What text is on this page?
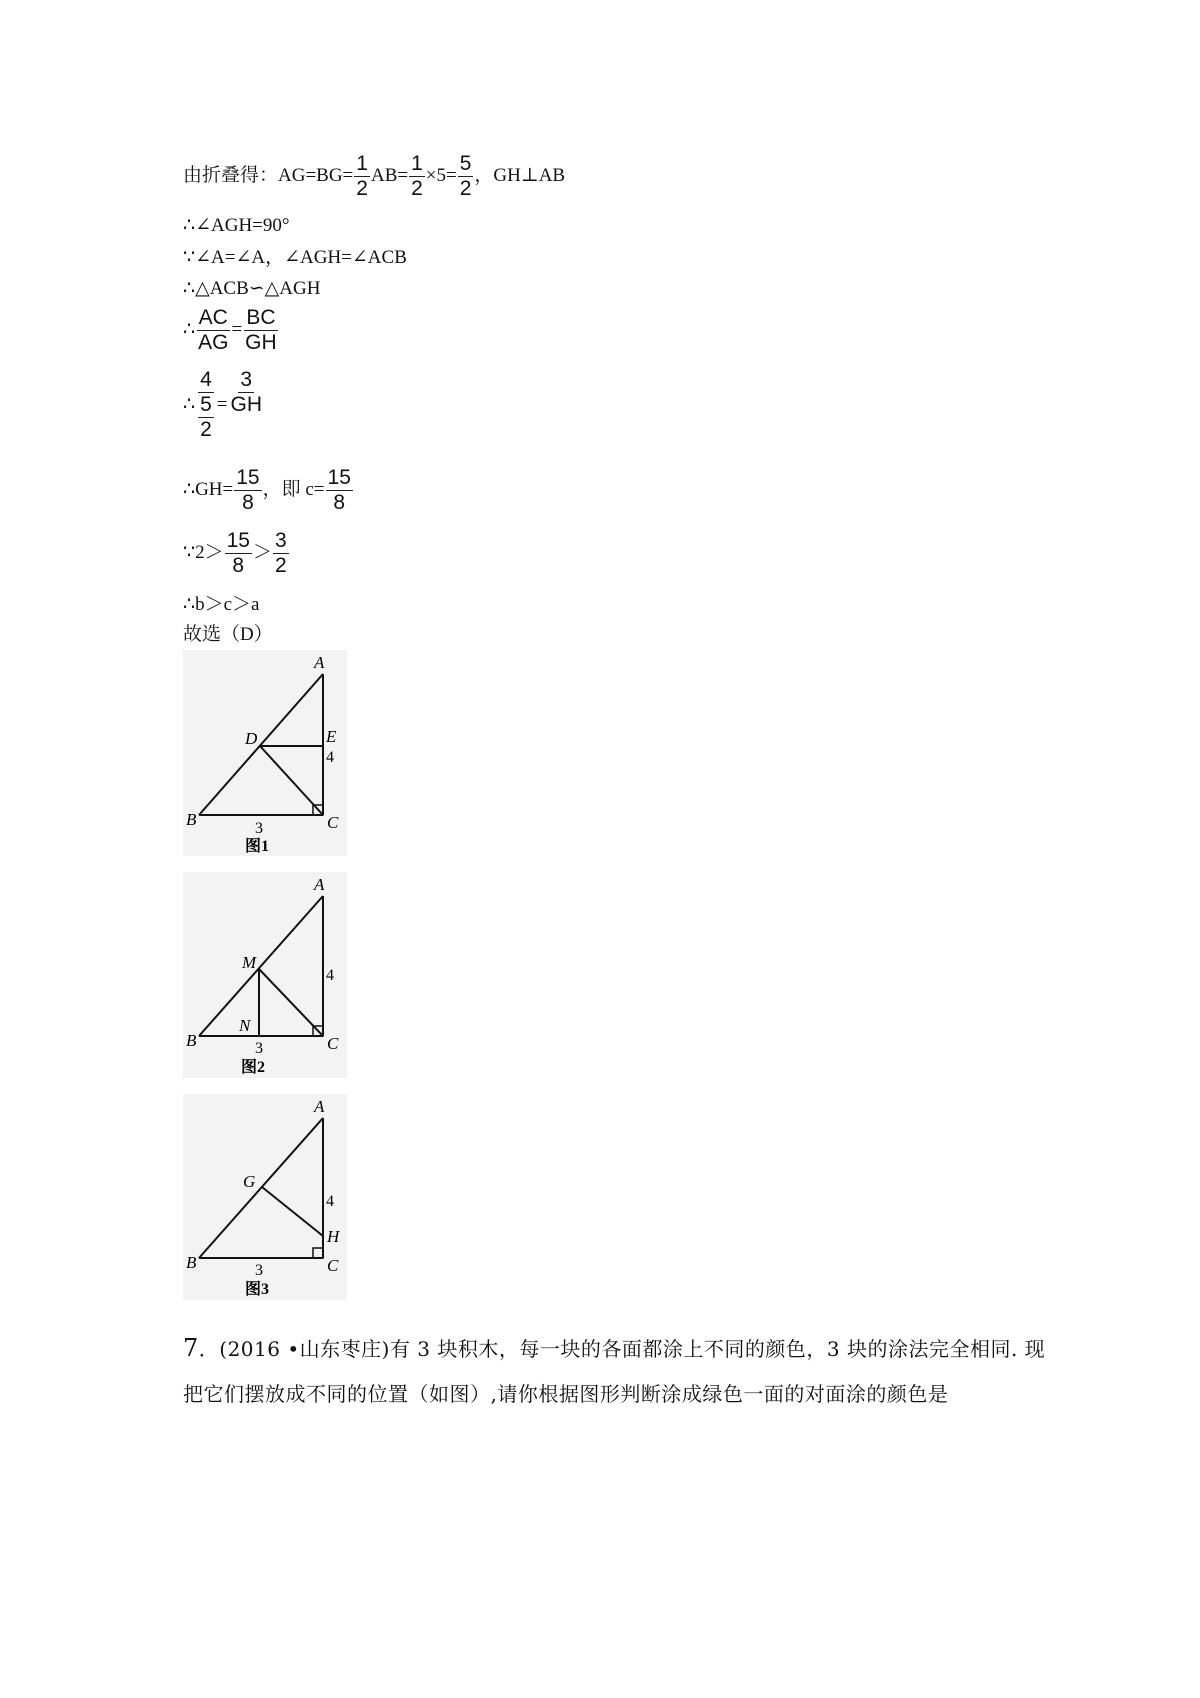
由折叠得：$AG=BG= \frac{1}{2} AB= \frac{1}{2} \times 5= \frac{5}{2}$ ，GH⊥AB
∴∠AGH=90°
∵∠A=∠A，∠AGH=∠ACB
∴△ACB∽△AGH
∴ $\frac{AC}{AG} = \frac{BC}{GH}$
∴ $\frac{4}{\frac{5}{2}} = \frac{3}{GH}$
∴GH= $\frac{15}{8}$ ，即 $c= \frac{15}{8}$
∵2＞ $\frac{15}{8} > \frac{3}{2}$
∴b＞c＞a
故选（D）
A
D	E
4
B	C
3
图1
A
M
4
N
B	C
3
图2
A
G
4
H
B	C
3
图3
7．(2016 •山东枣庄)有 3 块积木，每一块的各面都涂上不同的颜色，3 块的涂法完全相同. 现
把它们摆放成不同的位置（如图）,请你根据图形判断涂成绿色一面的对面涂的颜色是
